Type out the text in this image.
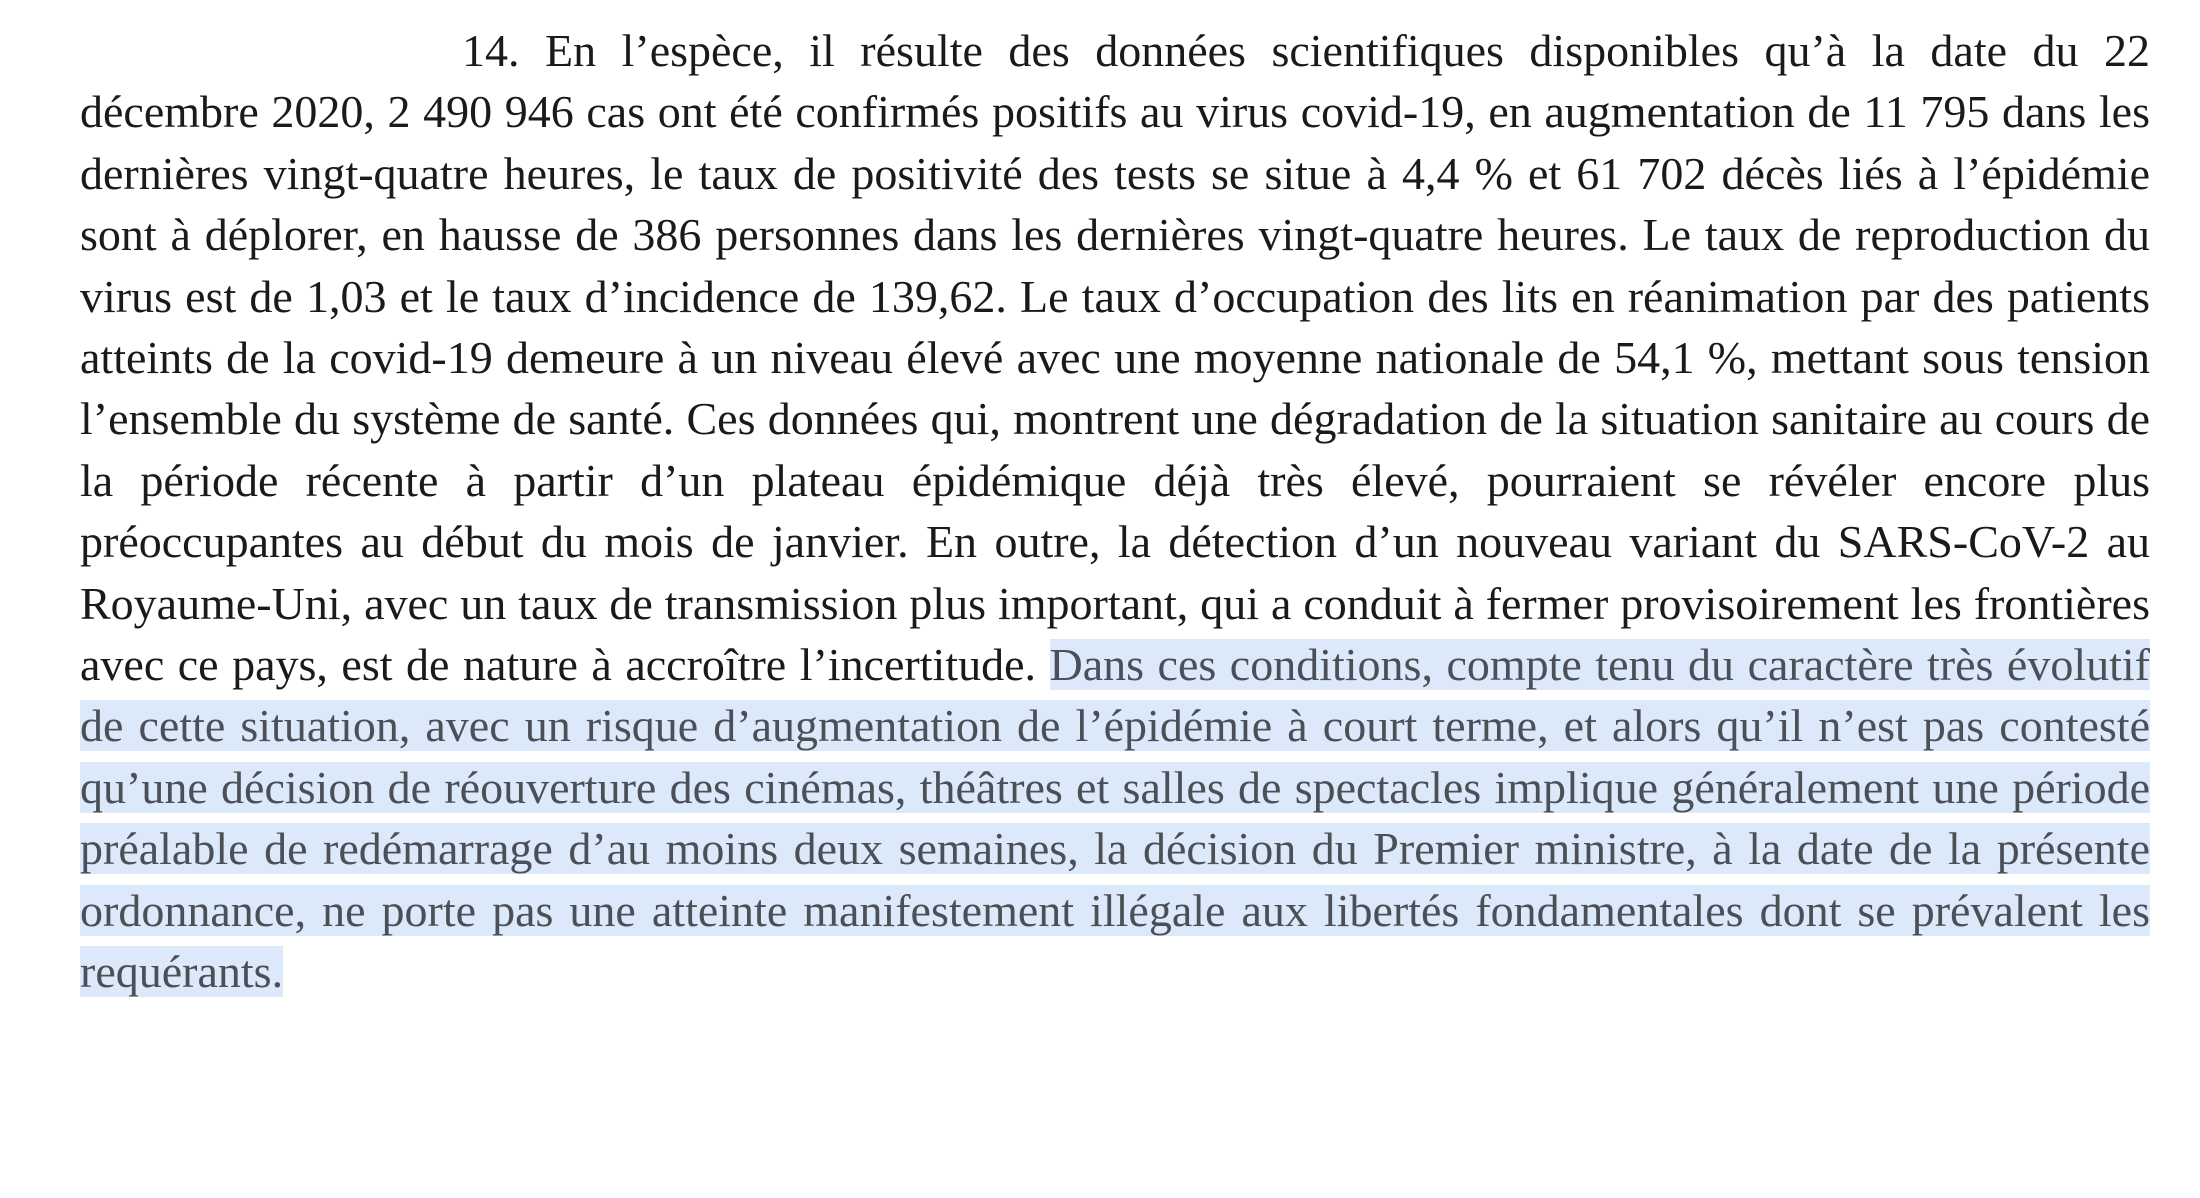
14. En l’espèce, il résulte des données scientifiques disponibles qu’à la date du 22 décembre 2020, 2 490 946 cas ont été confirmés positifs au virus covid-19, en augmentation de 11 795 dans les dernières vingt-quatre heures, le taux de positivité des tests se situe à 4,4 % et 61 702 décès liés à l’épidémie sont à déplorer, en hausse de 386 personnes dans les dernières vingt-quatre heures. Le taux de reproduction du virus est de 1,03 et le taux d’incidence de 139,62. Le taux d’occupation des lits en réanimation par des patients atteints de la covid-19 demeure à un niveau élevé avec une moyenne nationale de 54,1 %, mettant sous tension l’ensemble du système de santé. Ces données qui, montrent une dégradation de la situation sanitaire au cours de la période récente à partir d’un plateau épidémique déjà très élevé, pourraient se révéler encore plus préoccupantes au début du mois de janvier. En outre, la détection d’un nouveau variant du SARS-CoV-2 au Royaume-Uni, avec un taux de transmission plus important, qui a conduit à fermer provisoirement les frontières avec ce pays, est de nature à accroître l’incertitude. Dans ces conditions, compte tenu du caractère très évolutif de cette situation, avec un risque d’augmentation de l’épidémie à court terme, et alors qu’il n’est pas contesté qu’une décision de réouverture des cinémas, théâtres et salles de spectacles implique généralement une période préalable de redémarrage d’au moins deux semaines, la décision du Premier ministre, à la date de la présente ordonnance, ne porte pas une atteinte manifestement illégale aux libertés fondamentales dont se prévalent les requérants.
